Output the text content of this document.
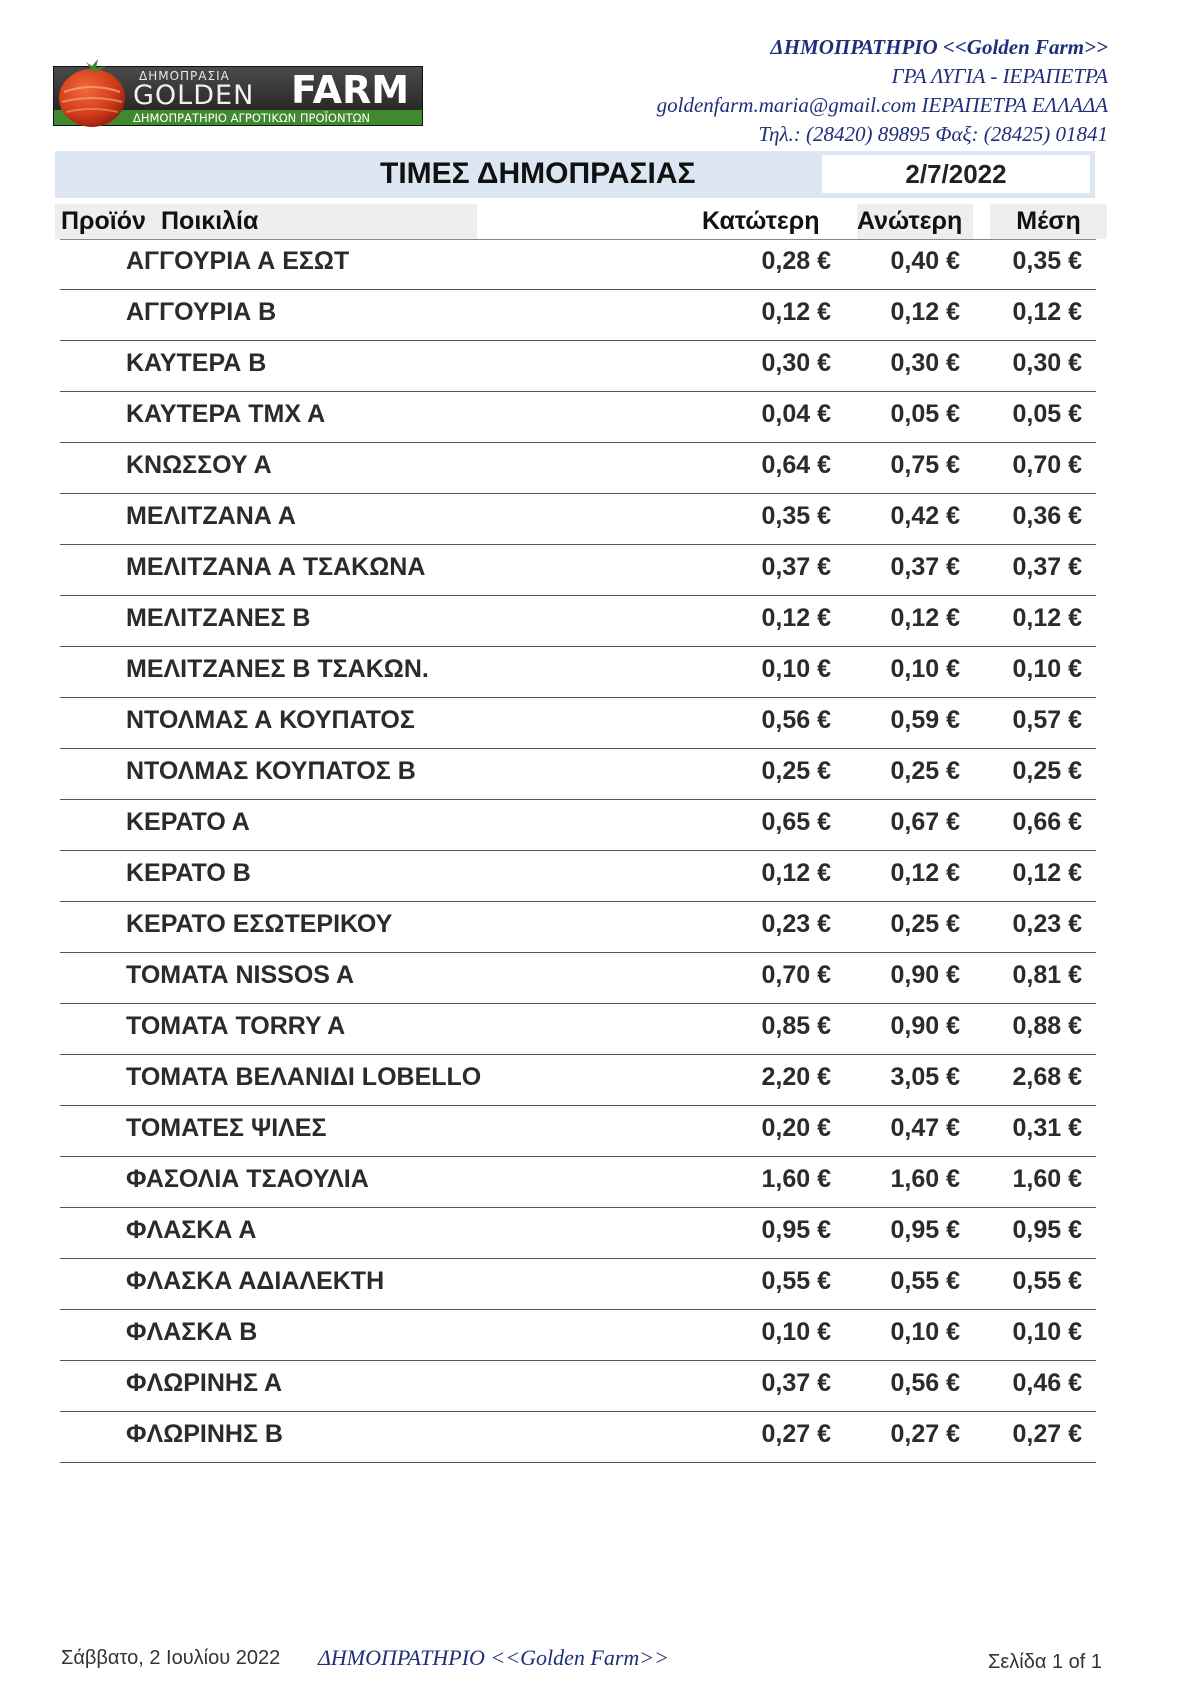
ΔΗΜΟΠΡΑΣΙΑ
GOLDEN FARM
ΔΗΜΟΠΡΑΤΗΡΙΟ ΑΓΡΟΤΙΚΩΝ ΠΡΟΪΟΝΤΩΝ
ΔΗΜΟΠΡΑΤΗΡΙΟ <<Golden Farm>>
ΓΡΑ ΛΥΓΙΑ - ΙΕΡΑΠΕΤΡΑ
goldenfarm.maria@gmail.com ΙΕΡΑΠΕΤΡΑ ΕΛΛΑΔΑ
Τηλ.: (28420) 89895 Φαξ: (28425) 01841
ΤΙΜΕΣ ΔΗΜΟΠΡΑΣΙΑΣ	2/7/2022
Προϊόν Ποικιλία	Κατώτερη	Ανώτερη	Μέση
ΑΓΓΟΥΡΙΑ Α ΕΣΩΤ	0,28 € 0,40 € 0,35 €
ΑΓΓΟΥΡΙΑ Β	0,12 € 0,12 € 0,12 €
ΚΑΥΤΕΡΑ Β	0,30 € 0,30 € 0,30 €
ΚΑΥΤΕΡΑ ΤΜΧ Α	0,04 € 0,05 € 0,05 €
ΚΝΩΣΣΟΥ Α	0,64 € 0,75 € 0,70 €
ΜΕΛΙΤΖΑΝΑ Α	0,35 € 0,42 € 0,36 €
ΜΕΛΙΤΖΑΝΑ Α ΤΣΑΚΩΝΑ	0,37 € 0,37 € 0,37 €
ΜΕΛΙΤΖΑΝΕΣ Β	0,12 € 0,12 € 0,12 €
ΜΕΛΙΤΖΑΝΕΣ Β ΤΣΑΚΩΝ.	0,10 € 0,10 € 0,10 €
ΝΤΟΛΜΑΣ Α ΚΟΥΠΑΤΟΣ	0,56 € 0,59 € 0,57 €
ΝΤΟΛΜΑΣ ΚΟΥΠΑΤΟΣ Β	0,25 € 0,25 € 0,25 €
ΚΕΡΑΤΟ Α	0,65 € 0,67 € 0,66 €
ΚΕΡΑΤΟ Β	0,12 € 0,12 € 0,12 €
ΚΕΡΑΤΟ ΕΣΩΤΕΡΙΚΟΥ	0,23 € 0,25 € 0,23 €
ΤΟΜΑΤΑ NISSOS A	0,70 € 0,90 € 0,81 €
ΤΟΜΑΤΑ TORRY A	0,85 € 0,90 € 0,88 €
ΤΟΜΑΤΑ ΒΕΛΑΝΙΔΙ LOBELLO	2,20 € 3,05 € 2,68 €
ΤΟΜΑΤΕΣ ΨΙΛΕΣ	0,20 € 0,47 € 0,31 €
ΦΑΣΟΛΙΑ ΤΣΑΟΥΛΙΑ	1,60 € 1,60 € 1,60 €
ΦΛΑΣΚΑ Α	0,95 € 0,95 € 0,95 €
ΦΛΑΣΚΑ ΑΔΙΑΛΕΚΤΗ	0,55 € 0,55 € 0,55 €
ΦΛΑΣΚΑ Β	0,10 € 0,10 € 0,10 €
ΦΛΩΡΙΝΗΣ Α	0,37 € 0,56 € 0,46 €
ΦΛΩΡΙΝΗΣ Β	0,27 € 0,27 € 0,27 €
Σάββατο, 2 Ιουλίου 2022 ΔΗΜΟΠΡΑΤΗΡΙΟ <<Golden Farm>>	Σελίδα 1 of 1
